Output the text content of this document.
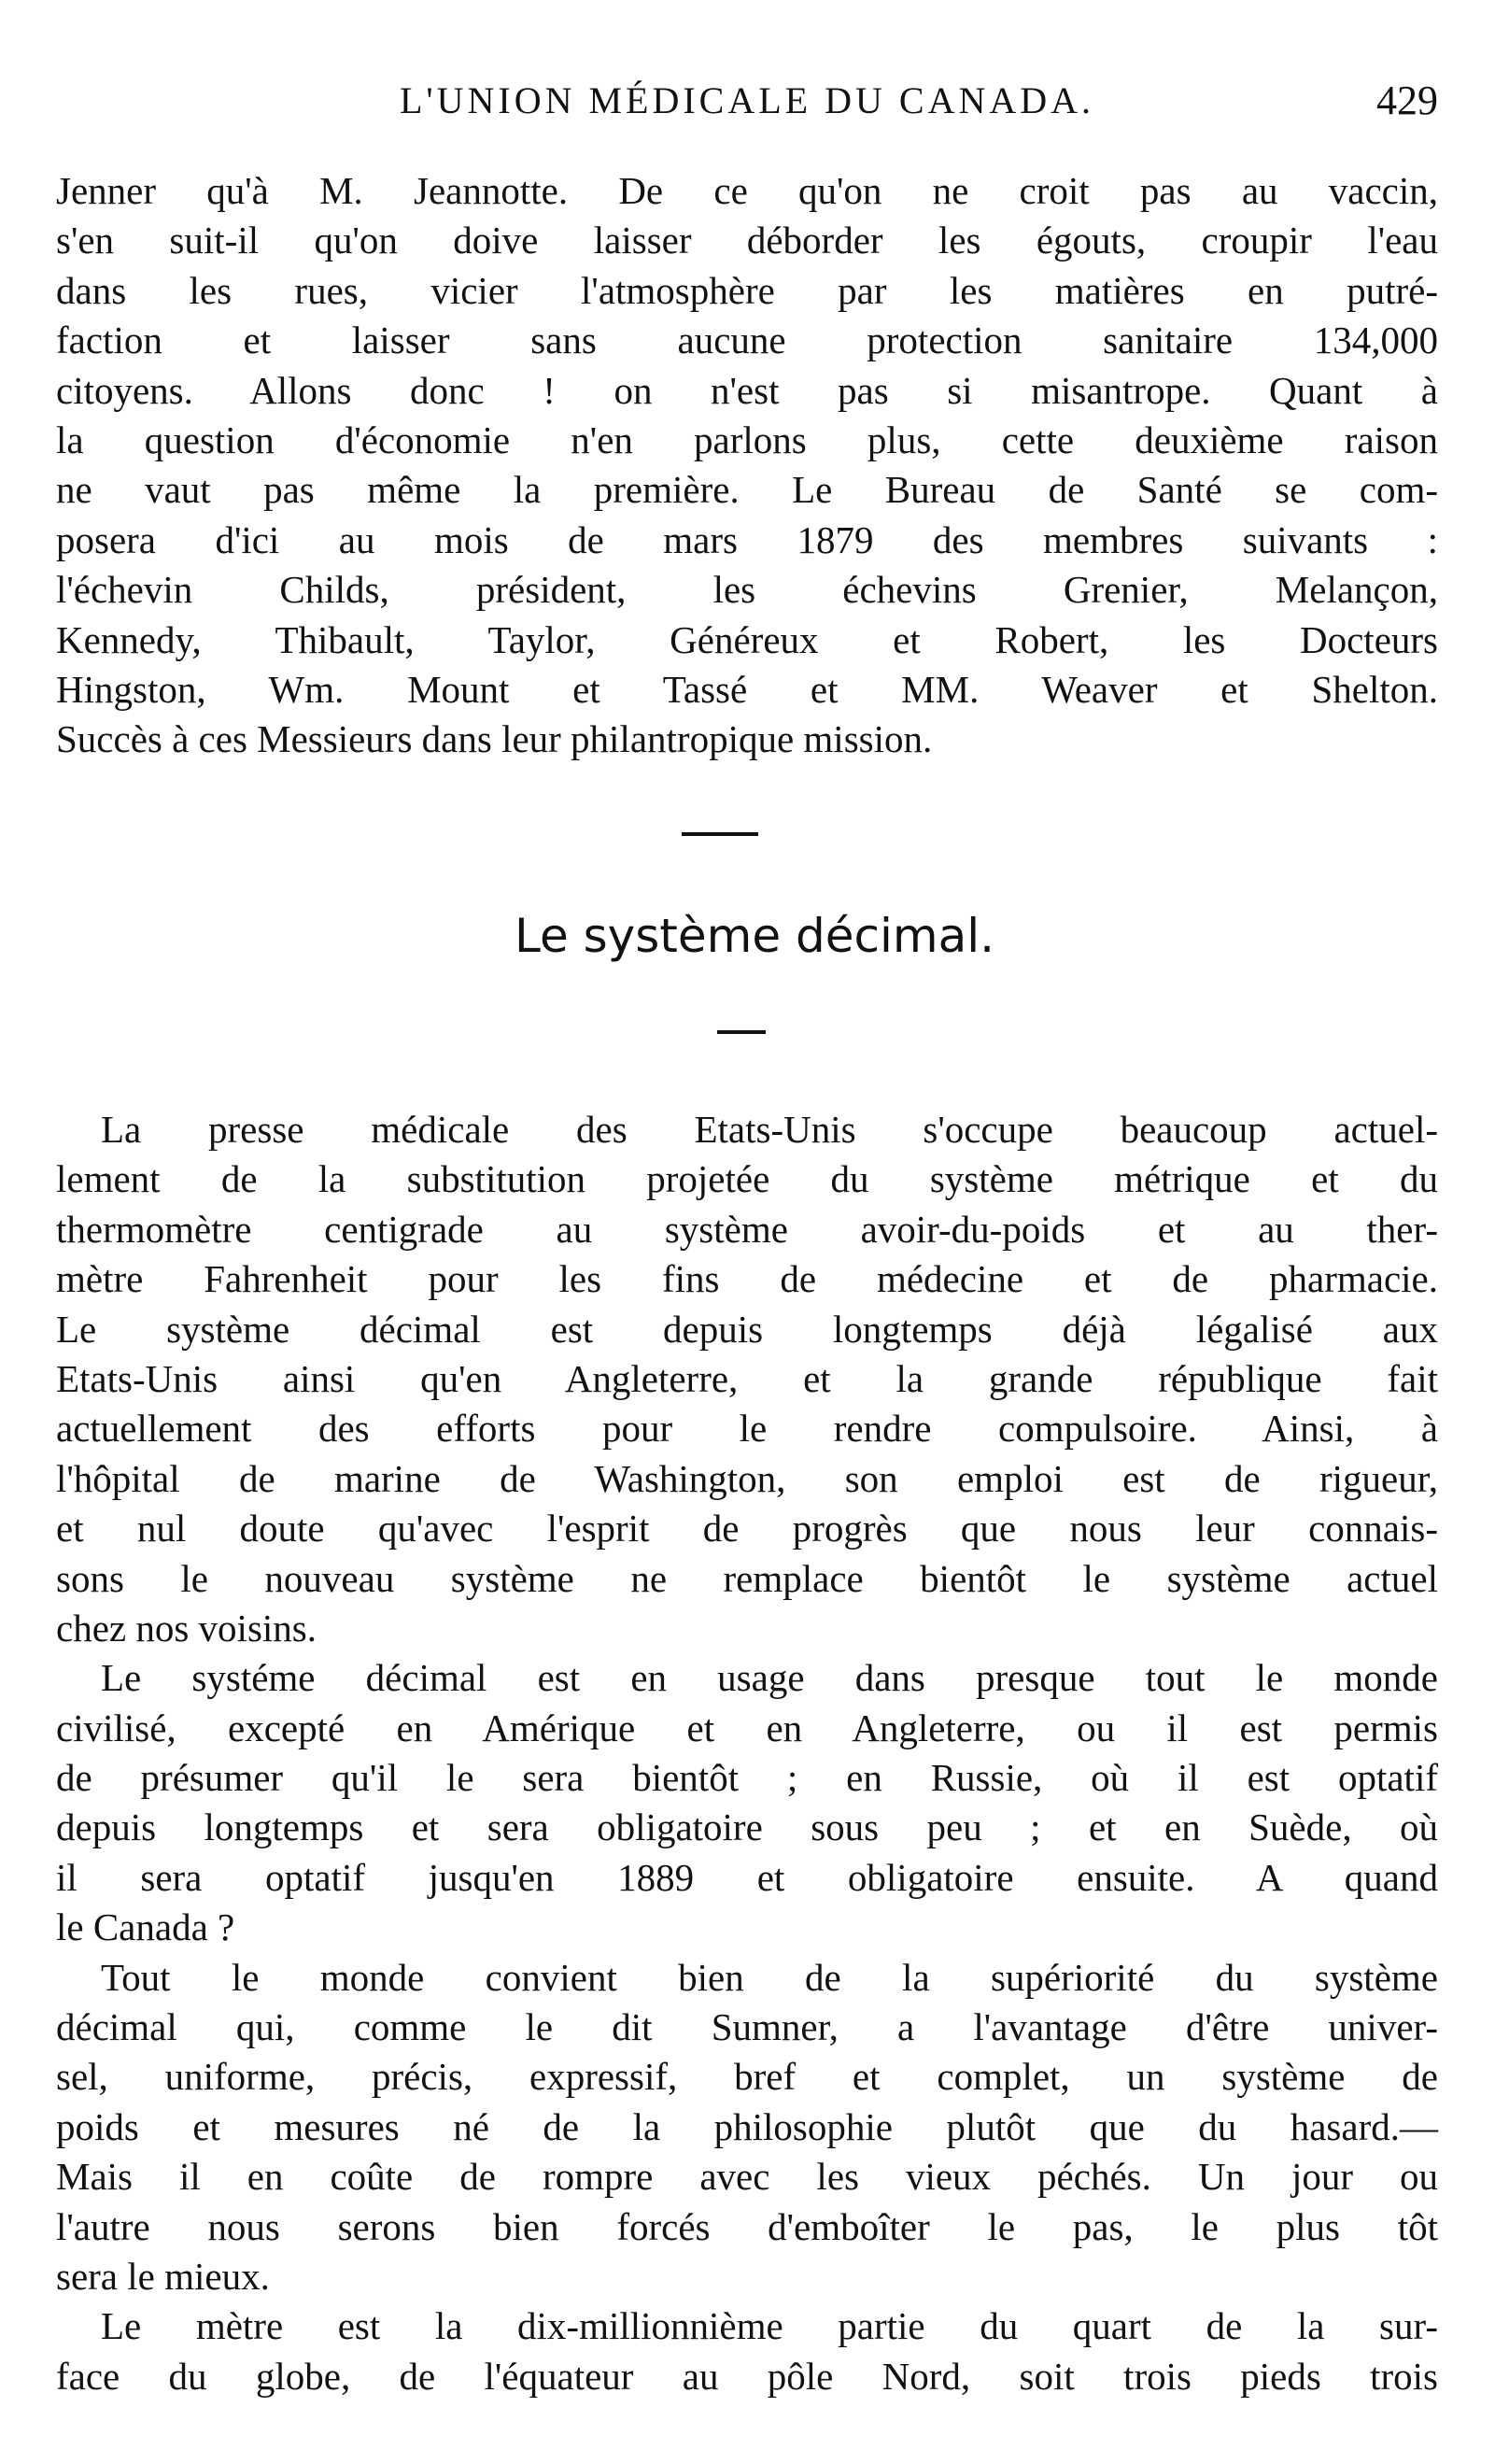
L'UNION MÉDICALE DU CANADA.	429
Jenner qu'à M. Jeannotte. De ce qu'on ne croit pas au vaccin,
s'en suit-il qu'on doive laisser déborder les égouts, croupir l'eau
dans les rues, vicier l'atmosphère par les matières en putré-
faction et laisser sans aucune protection sanitaire 134,000
citoyens. Allons donc ! on n'est pas si misantrope. Quant à
la question d'économie n'en parlons plus, cette deuxième raison
ne vaut pas même la première. Le Bureau de Santé se com-
posera d'ici au mois de mars 1879 des membres suivants :
l'échevin Childs, président, les échevins Grenier, Melançon,
Kennedy, Thibault, Taylor, Généreux et Robert, les Docteurs
Hingston, Wm. Mount et Tassé et MM. Weaver et Shelton.
Succès à ces Messieurs dans leur philantropique mission.
Le système décimal.
La presse médicale des Etats-Unis s'occupe beaucoup actuel-
lement de la substitution projetée du système métrique et du
thermomètre centigrade au système avoir-du-poids et au ther-
mètre Fahrenheit pour les fins de médecine et de pharmacie.
Le système décimal est depuis longtemps déjà légalisé aux
Etats-Unis ainsi qu'en Angleterre, et la grande république fait
actuellement des efforts pour le rendre compulsoire. Ainsi, à
l'hôpital de marine de Washington, son emploi est de rigueur,
et nul doute qu'avec l'esprit de progrès que nous leur connais-
sons le nouveau système ne remplace bientôt le système actuel
chez nos voisins.
Le systéme décimal est en usage dans presque tout le monde
civilisé, excepté en Amérique et en Angleterre, ou il est permis
de présumer qu'il le sera bientôt ; en Russie, où il est optatif
depuis longtemps et sera obligatoire sous peu ; et en Suède, où
il sera optatif jusqu'en 1889 et obligatoire ensuite. A quand
le Canada ?
Tout le monde convient bien de la supériorité du système
décimal qui, comme le dit Sumner, a l'avantage d'être univer-
sel, uniforme, précis, expressif, bref et complet, un système de
poids et mesures né de la philosophie plutôt que du hasard.—
Mais il en coûte de rompre avec les vieux péchés. Un jour ou
l'autre nous serons bien forcés d'emboîter le pas, le plus tôt
sera le mieux.
Le mètre est la dix-millionnième partie du quart de la sur-
face du globe, de l'équateur au pôle Nord, soit trois pieds trois
